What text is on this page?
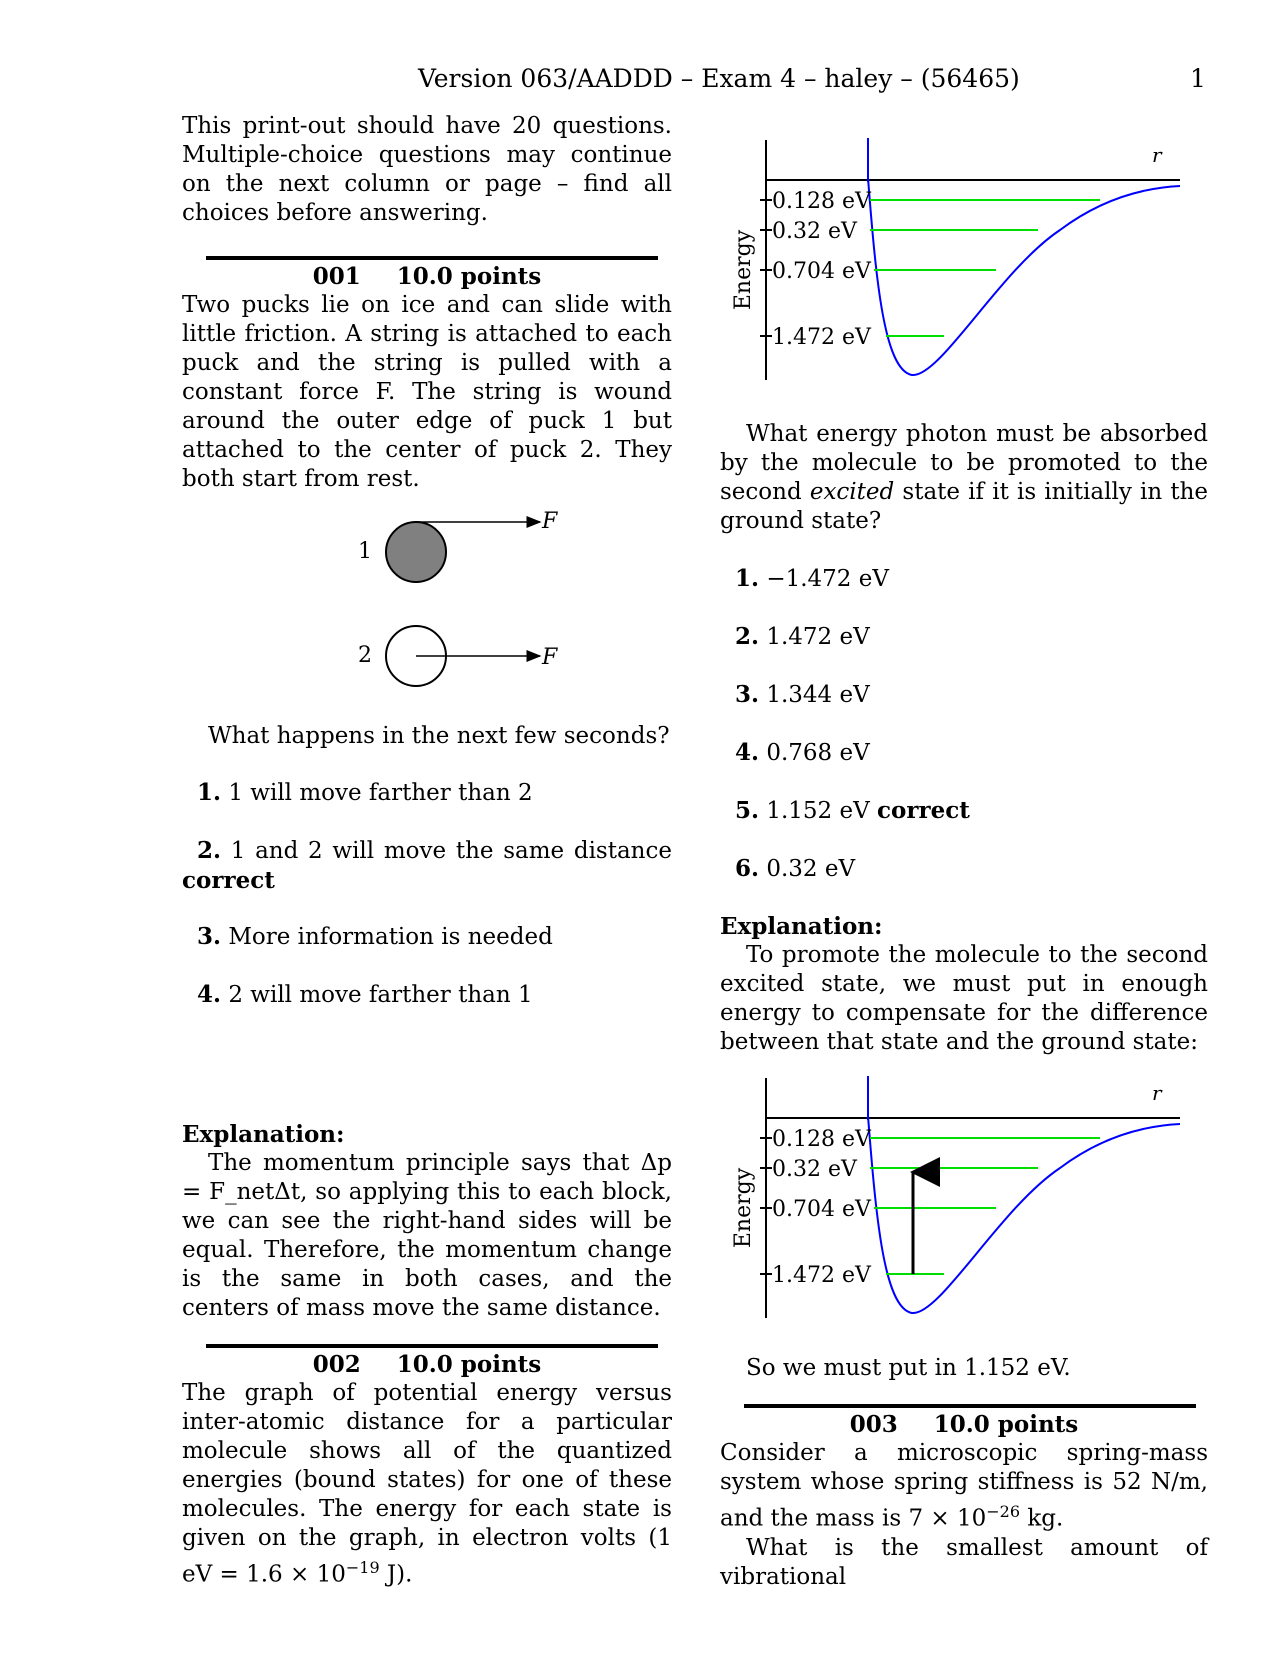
Version 063/AADDD – Exam 4 – haley – (56465)	1

This print-out should have 20 questions. Multiple-choice questions may continue on the next column or page – find all choices before answering.

001 10.0 points

Two pucks lie on ice and can slide with little friction. A string is attached to each puck and the string is pulled with a constant force F. The string is wound around the outer edge of puck 1 but attached to the center of puck 2. They both start from rest.

F
1
F
2

What happens in the next few seconds?

1. 1 will move farther than 2

2. 1 and 2 will move the same distance correct

3. More information is needed

4. 2 will move farther than 1

Explanation:

The momentum principle says that Δp = F_netΔt, so applying this to each block, we can see the right-hand sides will be equal. Therefore, the momentum change is the same in both cases, and the centers of mass move the same distance.

002 10.0 points

The graph of potential energy versus inter-atomic distance for a particular molecule shows all of the quantized energies (bound states) for one of these molecules. The energy for each state is given on the graph, in electron volts (1 eV = $1.6 \times 10^{-19}$ J).

Energy
r
0.128 eV
0.32 eV
0.704 eV
1.472 eV

What energy photon must be absorbed by the molecule to be promoted to the second excited state if it is initially in the ground state?

1. −1.472 eV

2. 1.472 eV

3. 1.344 eV

4. 0.768 eV

5. 1.152 eV correct

6. 0.32 eV

Explanation:

To promote the molecule to the second excited state, we must put in enough energy to compensate for the difference between that state and the ground state:

Energy
r
0.128 eV
0.32 eV
0.704 eV
1.472 eV

So we must put in 1.152 eV.

003 10.0 points

Consider a microscopic spring-mass system whose spring stiffness is 52 N/m, and the mass is $7 \times 10^{-26}$ kg.

What is the smallest amount of vibrational
